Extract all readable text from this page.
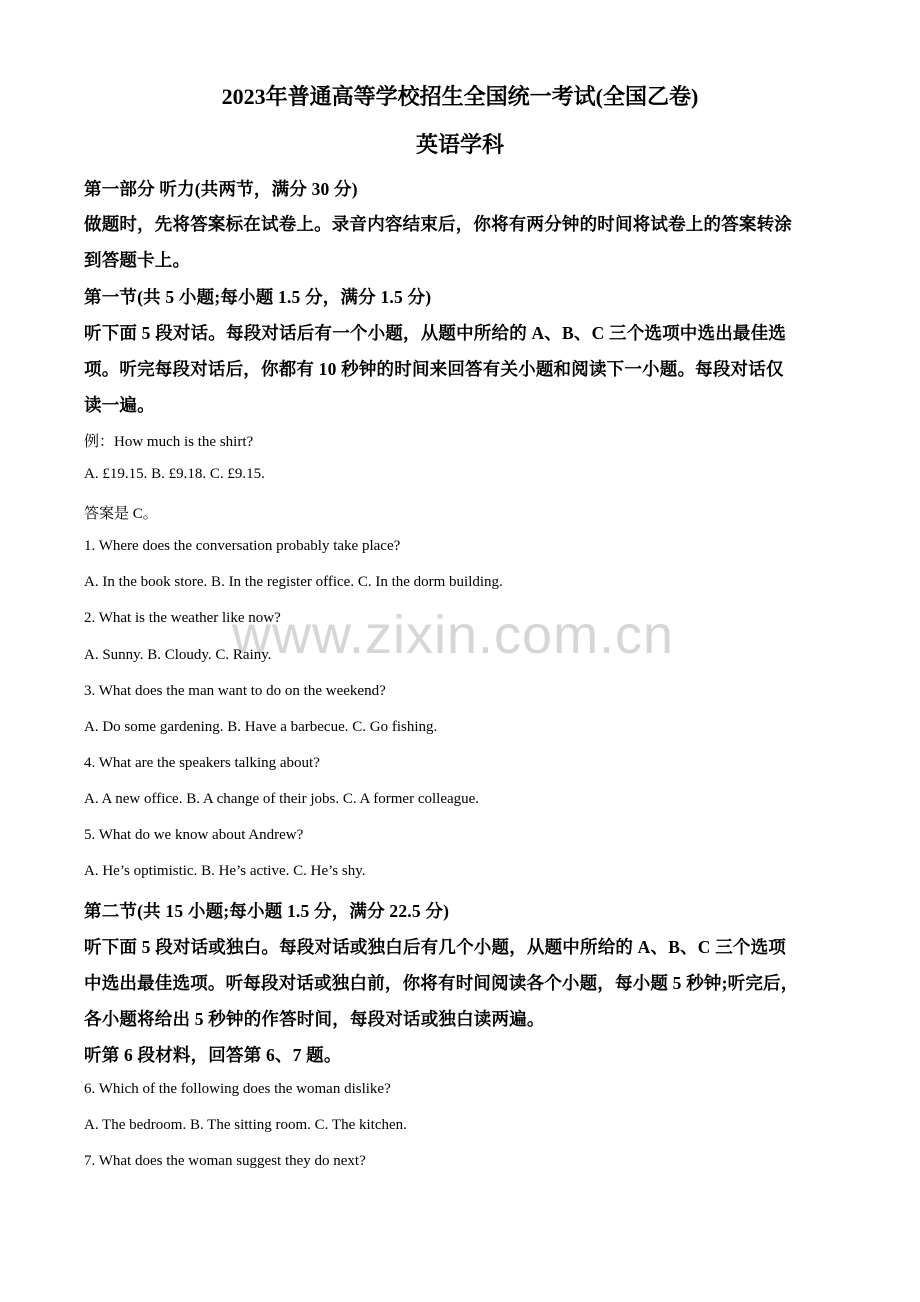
www.zixin.com.cn
2023年普通高等学校招生全国统一考试(全国乙卷)
英语学科
第一部分 听力(共两节，满分 30 分)
做题时，先将答案标在试卷上。录音内容结束后，你将有两分钟的时间将试卷上的答案转涂
到答题卡上。
第一节(共 5 小题;每小题 1.5 分，满分 1.5 分)
听下面 5 段对话。每段对话后有一个小题，从题中所给的 A、B、C 三个选项中选出最佳选
项。听完每段对话后，你都有 10 秒钟的时间来回答有关小题和阅读下一小题。每段对话仅
读一遍。
例：How much is the shirt?
A. £19.15. B. £9.18. C. £9.15.
答案是 C。
1. Where does the conversation probably take place?
A. In the book store. B. In the register office. C. In the dorm building.
2. What is the weather like now?
A. Sunny. B. Cloudy. C. Rainy.
3. What does the man want to do on the weekend?
A. Do some gardening. B. Have a barbecue. C. Go fishing.
4. What are the speakers talking about?
A. A new office. B. A change of their jobs. C. A former colleague.
5. What do we know about Andrew?
A. He’s optimistic. B. He’s active. C. He’s shy.
第二节(共 15 小题;每小题 1.5 分，满分 22.5 分)
听下面 5 段对话或独白。每段对话或独白后有几个小题，从题中所给的 A、B、C 三个选项
中选出最佳选项。听每段对话或独白前，你将有时间阅读各个小题，每小题 5 秒钟;听完后，
各小题将给出 5 秒钟的作答时间，每段对话或独白读两遍。
听第 6 段材料，回答第 6、7 题。
6. Which of the following does the woman dislike?
A. The bedroom. B. The sitting room. C. The kitchen.
7. What does the woman suggest they do next?
